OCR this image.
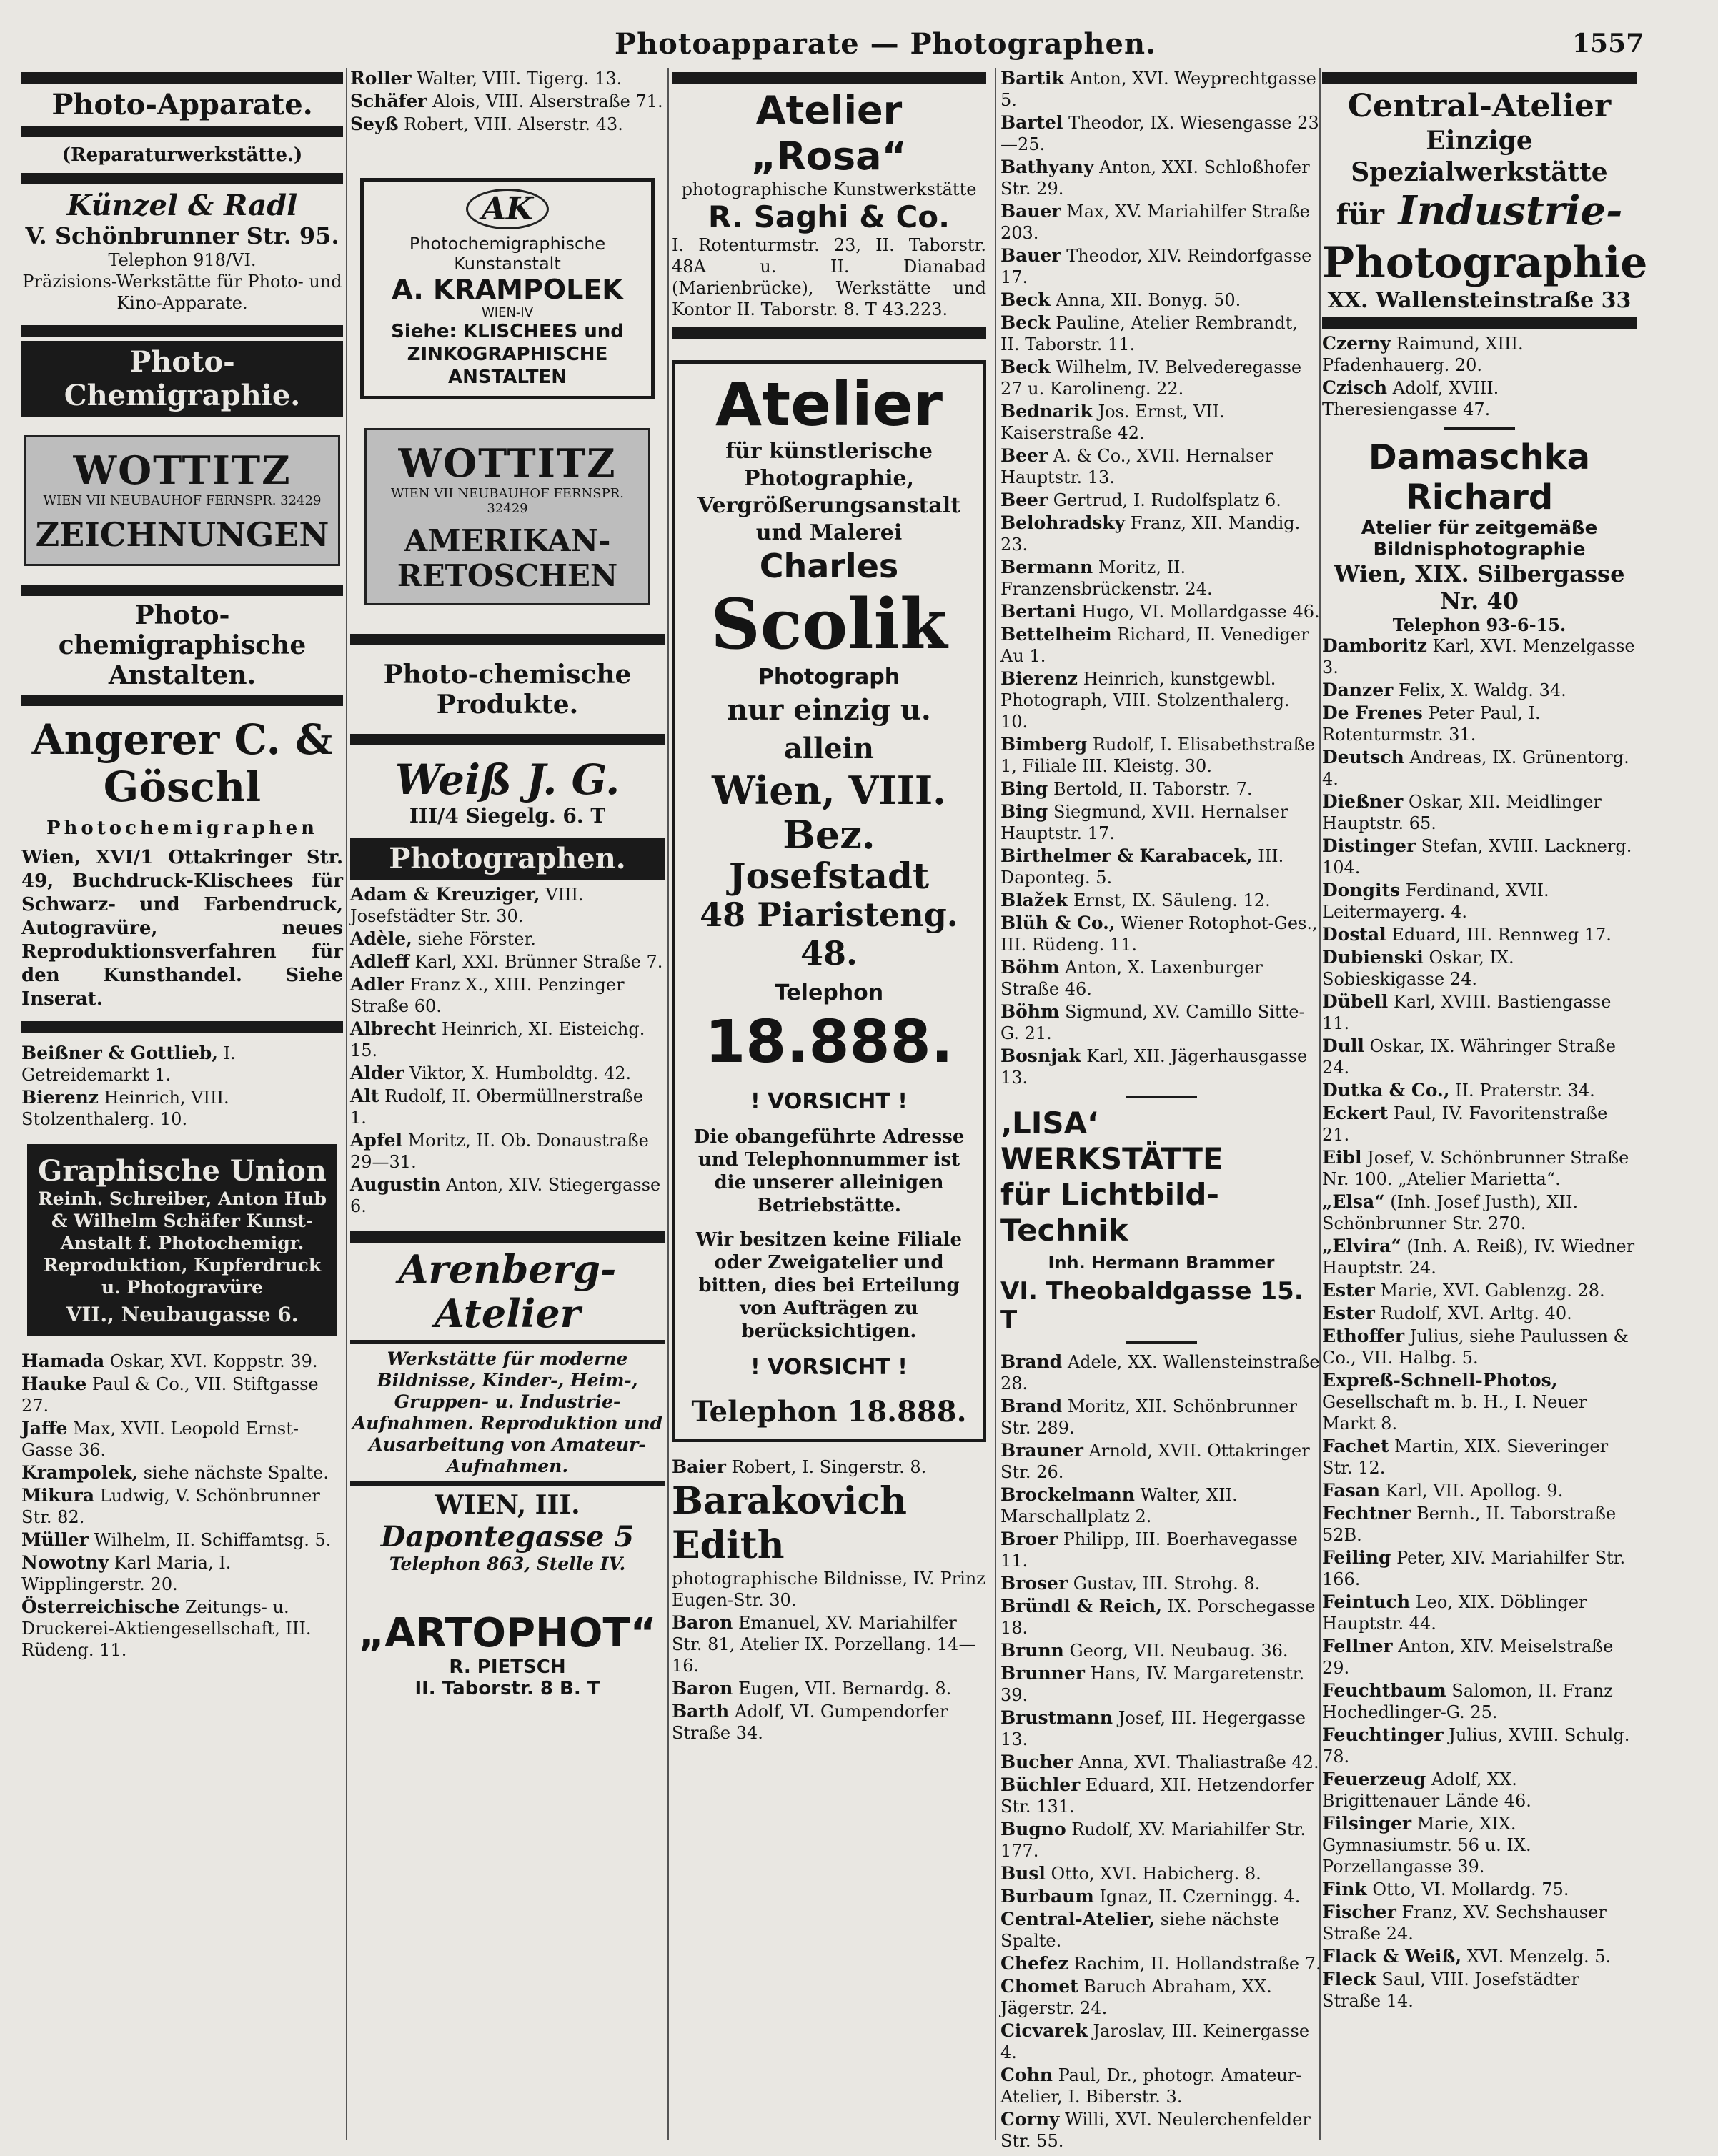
Photoapparate — Photographen.	1557
Photo-Apparate.
(Reparaturwerkstätte.)
Künzel & Radl
V. Schönbrunner Str. 95.
Telephon 918/VI.
Präzisions-Werkstätte für Photo- und Kino-Apparate.
Photo-Chemigraphie.
WOTTITZ
WIEN VII NEUBAUHOF FERNSPR. 32429
ZEICHNUNGEN
Photo-chemigraphische Anstalten.
Angerer C. & Göschl
Photochemigraphen
Wien, XVI/1 Ottakringer Str. 49, Buchdruck-Klischees für Schwarz- und Farbendruck, Autogravüre, neues Reproduktionsverfahren für den Kunsthandel. Siehe Inserat.
Beißner & Gottlieb, I. Getreidemarkt 1.
Bierenz Heinrich, VIII. Stolzenthalerg. 10.
Graphische Union
Reinh. Schreiber, Anton Hub & Wilhelm Schäfer Kunst-Anstalt f. Photochemigr. Reproduktion, Kupferdruck u. Photogravüre
VII., Neubaugasse 6.
Hamada Oskar, XVI. Koppstr. 39.
Hauke Paul & Co., VII. Stiftgasse 27.
Jaffe Max, XVII. Leopold Ernst-Gasse 36.
Krampolek, siehe nächste Spalte.
Mikura Ludwig, V. Schönbrunner Str. 82.
Müller Wilhelm, II. Schiffamtsg. 5.
Nowotny Karl Maria, I. Wipplingerstr. 20.
Österreichische Zeitungs- u. Druckerei-Aktiengesellschaft, III. Rüdeng. 11.
Roller Walter, VIII. Tigerg. 13.
Schäfer Alois, VIII. Alserstraße 71.
Seyß Robert, VIII. Alserstr. 43.
AK
Photochemigraphische Kunstanstalt
A. KRAMPOLEK
WIEN-IV
Siehe: KLISCHEES und ZINKOGRAPHISCHE ANSTALTEN
WOTTITZ
WIEN VII NEUBAUHOF FERNSPR. 32429
AMERIKAN-RETOSCHEN
Photo-chemische Produkte.
Weiß J. G.
III/4 Siegelg. 6. T
Photographen.
Adam & Kreuziger, VIII. Josefstädter Str. 30.
Adèle, siehe Förster.
Adleff Karl, XXI. Brünner Straße 7.
Adler Franz X., XIII. Penzinger Straße 60.
Albrecht Heinrich, XI. Eisteichg. 15.
Alder Viktor, X. Humboldtg. 42.
Alt Rudolf, II. Obermüllnerstraße 1.
Apfel Moritz, II. Ob. Donaustraße 29—31.
Augustin Anton, XIV. Stiegergasse 6.
Arenberg-Atelier
Werkstätte für moderne Bildnisse, Kinder-, Heim-, Gruppen- u. Industrie-Aufnahmen. Reproduktion und Ausarbeitung von Amateur-Aufnahmen.
WIEN, III.
Dapontegasse 5
Telephon 863, Stelle IV.
„ARTOPHOT“
R. PIETSCH
II. Taborstr. 8 B. T
Atelier „Rosa“
photographische Kunstwerkstätte
R. Saghi & Co.
I. Rotenturmstr. 23, II. Taborstr. 48A u. II. Dianabad (Marienbrücke), Werkstätte und Kontor II. Taborstr. 8. T 43.223.
Atelier
für künstlerische Photographie, Vergrößerungsanstalt und Malerei
Charles
Scolik
Photograph
nur einzig u. allein
Wien, VIII. Bez.
Josefstadt
48 Piaristeng. 48.
Telephon
18.888.
! VORSICHT !
Die obangeführte Adresse und Telephonnummer ist die unserer alleinigen Betriebstätte.
Wir besitzen keine Filiale oder Zweigatelier und bitten, dies bei Erteilung von Aufträgen zu berücksichtigen.
! VORSICHT !
Telephon 18.888.
Baier Robert, I. Singerstr. 8.
Barakovich Edith
photographische Bildnisse, IV. Prinz Eugen-Str. 30.
Baron Emanuel, XV. Mariahilfer Str. 81, Atelier IX. Porzellang. 14—16.
Baron Eugen, VII. Bernardg. 8.
Barth Adolf, VI. Gumpendorfer Straße 34.
Bartik Anton, XVI. Weyprechtgasse 5.
Bartel Theodor, IX. Wiesengasse 23—25.
Bathyany Anton, XXI. Schloßhofer Str. 29.
Bauer Max, XV. Mariahilfer Straße 203.
Bauer Theodor, XIV. Reindorfgasse 17.
Beck Anna, XII. Bonyg. 50.
Beck Pauline, Atelier Rembrandt, II. Taborstr. 11.
Beck Wilhelm, IV. Belvederegasse 27 u. Karolineng. 22.
Bednarik Jos. Ernst, VII. Kaiserstraße 42.
Beer A. & Co., XVII. Hernalser Hauptstr. 13.
Beer Gertrud, I. Rudolfsplatz 6.
Belohradsky Franz, XII. Mandig. 23.
Bermann Moritz, II. Franzensbrückenstr. 24.
Bertani Hugo, VI. Mollardgasse 46.
Bettelheim Richard, II. Venediger Au 1.
Bierenz Heinrich, kunstgewbl. Photograph, VIII. Stolzenthalerg. 10.
Bimberg Rudolf, I. Elisabethstraße 1, Filiale III. Kleistg. 30.
Bing Bertold, II. Taborstr. 7.
Bing Siegmund, XVII. Hernalser Hauptstr. 17.
Birthelmer & Karabacek, III. Daponteg. 5.
Blažek Ernst, IX. Säuleng. 12.
Blüh & Co., Wiener Rotophot-Ges., III. Rüdeng. 11.
Böhm Anton, X. Laxenburger Straße 46.
Böhm Sigmund, XV. Camillo Sitte-G. 21.
Bosnjak Karl, XII. Jägerhausgasse 13.
‚LISA‘ WERKSTÄTTE
für Lichtbild-Technik
Inh. Hermann Brammer
VI. Theobaldgasse 15. T
Brand Adele, XX. Wallensteinstraße 28.
Brand Moritz, XII. Schönbrunner Str. 289.
Brauner Arnold, XVII. Ottakringer Str. 26.
Brockelmann Walter, XII. Marschallplatz 2.
Broer Philipp, III. Boerhavegasse 11.
Broser Gustav, III. Strohg. 8.
Bründl & Reich, IX. Porschegasse 18.
Brunn Georg, VII. Neubaug. 36.
Brunner Hans, IV. Margaretenstr. 39.
Brustmann Josef, III. Hegergasse 13.
Bucher Anna, XVI. Thaliastraße 42.
Büchler Eduard, XII. Hetzendorfer Str. 131.
Bugno Rudolf, XV. Mariahilfer Str. 177.
Busl Otto, XVI. Habicherg. 8.
Burbaum Ignaz, II. Czerningg. 4.
Central-Atelier, siehe nächste Spalte.
Chefez Rachim, II. Hollandstraße 7.
Chomet Baruch Abraham, XX. Jägerstr. 24.
Cicvarek Jaroslav, III. Keinergasse 4.
Cohn Paul, Dr., photogr. Amateur-Atelier, I. Biberstr. 3.
Corny Willi, XVI. Neulerchenfelder Str. 55.
Central-Atelier
Einzige Spezialwerkstätte
für Industrie-
Photographie
XX. Wallensteinstraße 33
Czerny Raimund, XIII. Pfadenhauerg. 20.
Czisch Adolf, XVIII. Theresiengasse 47.
Damaschka Richard
Atelier für zeitgemäße Bildnisphotographie
Wien, XIX. Silbergasse Nr. 40
Telephon 93-6-15.
Damboritz Karl, XVI. Menzelgasse 3.
Danzer Felix, X. Waldg. 34.
De Frenes Peter Paul, I. Rotenturmstr. 31.
Deutsch Andreas, IX. Grünentorg. 4.
Dießner Oskar, XII. Meidlinger Hauptstr. 65.
Distinger Stefan, XVIII. Lacknerg. 104.
Dongits Ferdinand, XVII. Leitermayerg. 4.
Dostal Eduard, III. Rennweg 17.
Dubienski Oskar, IX. Sobieskigasse 24.
Dübell Karl, XVIII. Bastiengasse 11.
Dull Oskar, IX. Währinger Straße 24.
Dutka & Co., II. Praterstr. 34.
Eckert Paul, IV. Favoritenstraße 21.
Eibl Josef, V. Schönbrunner Straße Nr. 100. „Atelier Marietta“.
„Elsa“ (Inh. Josef Justh), XII. Schönbrunner Str. 270.
„Elvira“ (Inh. A. Reiß), IV. Wiedner Hauptstr. 24.
Ester Marie, XVI. Gablenzg. 28.
Ester Rudolf, XVI. Arltg. 40.
Ethoffer Julius, siehe Paulussen & Co., VII. Halbg. 5.
Expreß-Schnell-Photos, Gesellschaft m. b. H., I. Neuer Markt 8.
Fachet Martin, XIX. Sieveringer Str. 12.
Fasan Karl, VII. Apollog. 9.
Fechtner Bernh., II. Taborstraße 52B.
Feiling Peter, XIV. Mariahilfer Str. 166.
Feintuch Leo, XIX. Döblinger Hauptstr. 44.
Fellner Anton, XIV. Meiselstraße 29.
Feuchtbaum Salomon, II. Franz Hochedlinger-G. 25.
Feuchtinger Julius, XVIII. Schulg. 78.
Feuerzeug Adolf, XX. Brigittenauer Lände 46.
Filsinger Marie, XIX. Gymnasiumstr. 56 u. IX. Porzellangasse 39.
Fink Otto, VI. Mollardg. 75.
Fischer Franz, XV. Sechshauser Straße 24.
Flack & Weiß, XVI. Menzelg. 5.
Fleck Saul, VIII. Josefstädter Straße 14.
